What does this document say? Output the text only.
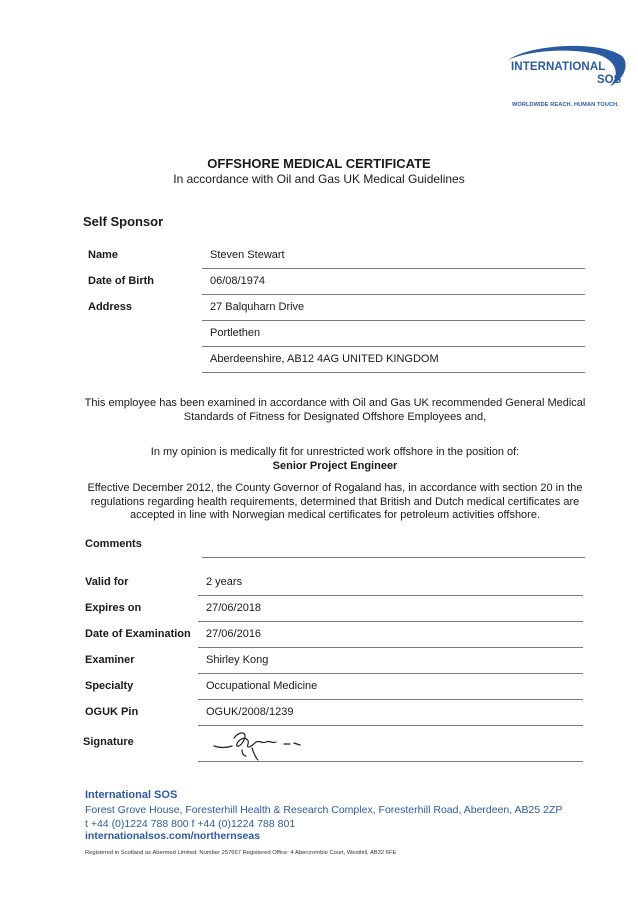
INTERNATIONAL
SOS
WORLDWIDE REACH. HUMAN TOUCH.
OFFSHORE MEDICAL CERTIFICATE
In accordance with Oil and Gas UK Medical Guidelines
Self Sponsor
Name	Steven Stewart
Date of Birth	06/08/1974
Address	27 Balquharn Drive
Portlethen
Aberdeenshire, AB12 4AG UNITED KINGDOM
This employee has been examined in accordance with Oil and Gas UK recommended General Medical
Standards of Fitness for Designated Offshore Employees and,
In my opinion is medically fit for unrestricted work offshore in the position of:
Senior Project Engineer
Effective December 2012, the County Governor of Rogaland has, in accordance with section 20 in the
regulations regarding health requirements, determined that British and Dutch medical certificates are
accepted in line with Norwegian medical certificates for petroleum activities offshore.
Comments
Valid for	2 years
Expires on	27/06/2018
Date of Examination 27/06/2016
Examiner	Shirley Kong
Specialty	Occupational Medicine
OGUK Pin	OGUK/2008/1239
Signature
International SOS
Forest Grove House, Foresterhill Health & Research Complex, Foresterhill Road, Aberdeen, AB25 2ZP
t +44 (0)1224 788 800 f +44 (0)1224 788 801
internationalsos.com/northernseas
Registered in Scotland as Abermed Limited: Number 257667 Registered Office: 4 Abercrombie Court, Westhill, AB32 6FE
